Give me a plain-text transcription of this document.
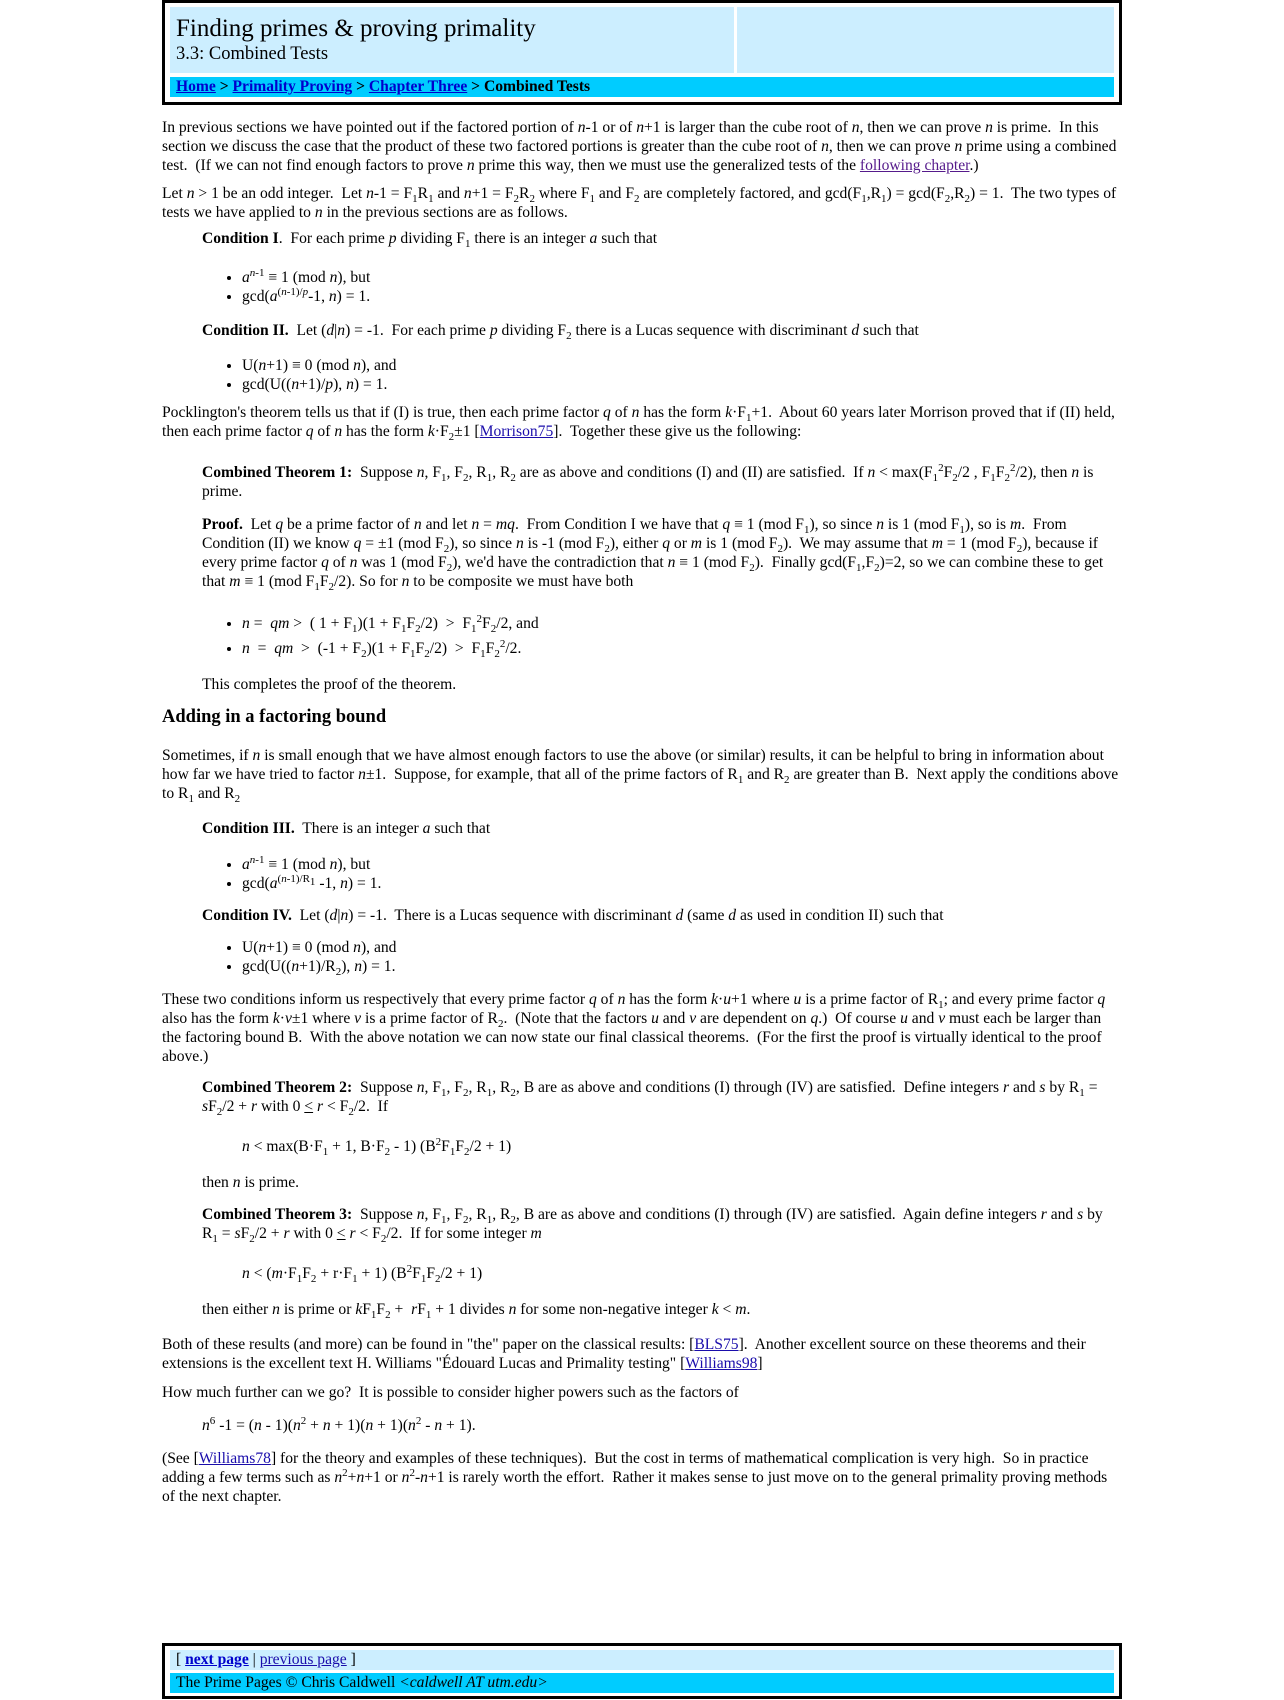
Finding primes & proving primality
3.3: Combined Tests
Home > Primality Proving > Chapter Three > Combined Tests

In previous sections we have pointed out if the factored portion of n-1 or of n+1 is larger than the cube root of n, then we can prove n is prime.  In this section we discuss the case that the product of these two factored portions is greater than the cube root of n, then we can prove n prime using a combined test.  (If we can not find enough factors to prove n prime this way, then we must use the generalized tests of the following chapter.)

Let n > 1 be an odd integer.  Let $n-1 = F_1R_1$ and $n+1 = F_2R_2$ where $F_1$ and $F_2$ are completely factored, and $\gcd(F_1,R_1) = \gcd(F_2,R_2) = 1$.  The two types of tests we have applied to n in the previous sections are as follows.

Condition I.  For each prime p dividing $F_1$ there is an integer a such that

• $a^{n-1} \equiv 1$ (mod n), but
• $\gcd(a^{(n-1)/p}-1$, n) = 1.

Condition II.  Let (d|n) = -1.  For each prime p dividing $F_2$ there is a Lucas sequence with discriminant d such that

• U(n+1) ≡ 0 (mod n), and
• gcd(U((n+1)/p), n) = 1.

Pocklington's theorem tells us that if (I) is true, then each prime factor q of n has the form $k\cdot F_1+1$.  About 60 years later Morrison proved that if (II) held, then each prime factor q of n has the form $k\cdot F_2\pm 1$ [Morrison75].  Together these give us the following:

Combined Theorem 1:  Suppose n, $F_1$, $F_2$, $R_1$, $R_2$ are as above and conditions (I) and (II) are satisfied.  If $n < \max(F_1^2F_2/2$ , $F_1F_2^2/2$), then n is prime.

Proof.  Let q be a prime factor of n and let n = mq.  From Condition I we have that q ≡ 1 (mod $F_1$), so since n is 1 (mod $F_1$), so is m.  From Condition (II) we know q = ±1 (mod $F_2$), so since n is -1 (mod $F_2$), either q or m is 1 (mod $F_2$).  We may assume that m = 1 (mod $F_2$), because if every prime factor q of n was 1 (mod $F_2$), we'd have the contradiction that n ≡ 1 (mod $F_2$).  Finally $\gcd(F_1,F_2)=2$, so we can combine these to get that m ≡ 1 (mod $F_1F_2/2$). So for n to be composite we must have both

• n =  qm >  ( $1 + F_1)(1 + F_1F_2/2) > F_1^2F_2/2$, and
• n  =  qm  >  $(-1 + F_2)(1 + F_1F_2/2) > F_1F_2^2/2$.

This completes the proof of the theorem.

Adding in a factoring bound

Sometimes, if n is small enough that we have almost enough factors to use the above (or similar) results, it can be helpful to bring in information about how far we have tried to factor n±1.  Suppose, for example, that all of the prime factors of $R_1$ and $R_2$ are greater than B.  Next apply the conditions above to $R_1$ and $R_2$

Condition III.  There is an integer a such that

• $a^{n-1} \equiv 1$ (mod n), but
• $\gcd(a^{(n-1)/R_1}$ -1, n) = 1.

Condition IV.  Let (d|n) = -1.  There is a Lucas sequence with discriminant d (same d as used in condition II) such that

• U(n+1) ≡ 0 (mod n), and
• $\gcd(U((n+1)/R_2)$, n) = 1.

These two conditions inform us respectively that every prime factor q of n has the form k·u+1 where u is a prime factor of $R_1$; and every prime factor q also has the form k·v±1 where v is a prime factor of $R_2$.  (Note that the factors u and v are dependent on q.)  Of course u and v must each be larger than the factoring bound B.  With the above notation we can now state our final classical theorems.  (For the first the proof is virtually identical to the proof above.)

Combined Theorem 2:  Suppose n, $F_1$, $F_2$, $R_1$, $R_2$, B are as above and conditions (I) through (IV) are satisfied.  Define integers r and s by $R_1 = sF_2/2 + r$ with $0 < r < F_2/2$.  If

$n < \max(B\cdot F_1 + 1$, $B\cdot F_2 - 1$) $(B^2F_1F_2/2 + 1)$

then n is prime.

Combined Theorem 3:  Suppose n, $F_1$, $F_2$, $R_1$, $R_2$, B are as above and conditions (I) through (IV) are satisfied.  Again define integers r and s by $R_1 = sF_2/2 + r$ with $0 < r < F_2/2$.  If for some integer m

$n < (m\cdot F_1F_2 + r\cdot F_1 + 1) (B^2F_1F_2/2 + 1)$

then either n is prime or $kF_1F_2 + rF_1 + 1$ divides n for some non-negative integer k < m.

Both of these results (and more) can be found in "the" paper on the classical results: [BLS75].  Another excellent source on these theorems and their extensions is the excellent text H. Williams "Édouard Lucas and Primality testing" [Williams98]

How much further can we go?  It is possible to consider higher powers such as the factors of

$n^6$ $-1 = (n - 1)(n^2 + n + 1)(n + 1)(n^2 - n + 1)$.

(See [Williams78] for the theory and examples of these techniques).  But the cost in terms of mathematical complication is very high.  So in practice adding a few terms such as $n^2+n+1$ or $n^2-n+1$ is rarely worth the effort.  Rather it makes sense to just move on to the general primality proving methods of the next chapter.

[ next page | previous page ]
The Prime Pages © Chris Caldwell <caldwell AT utm.edu>
